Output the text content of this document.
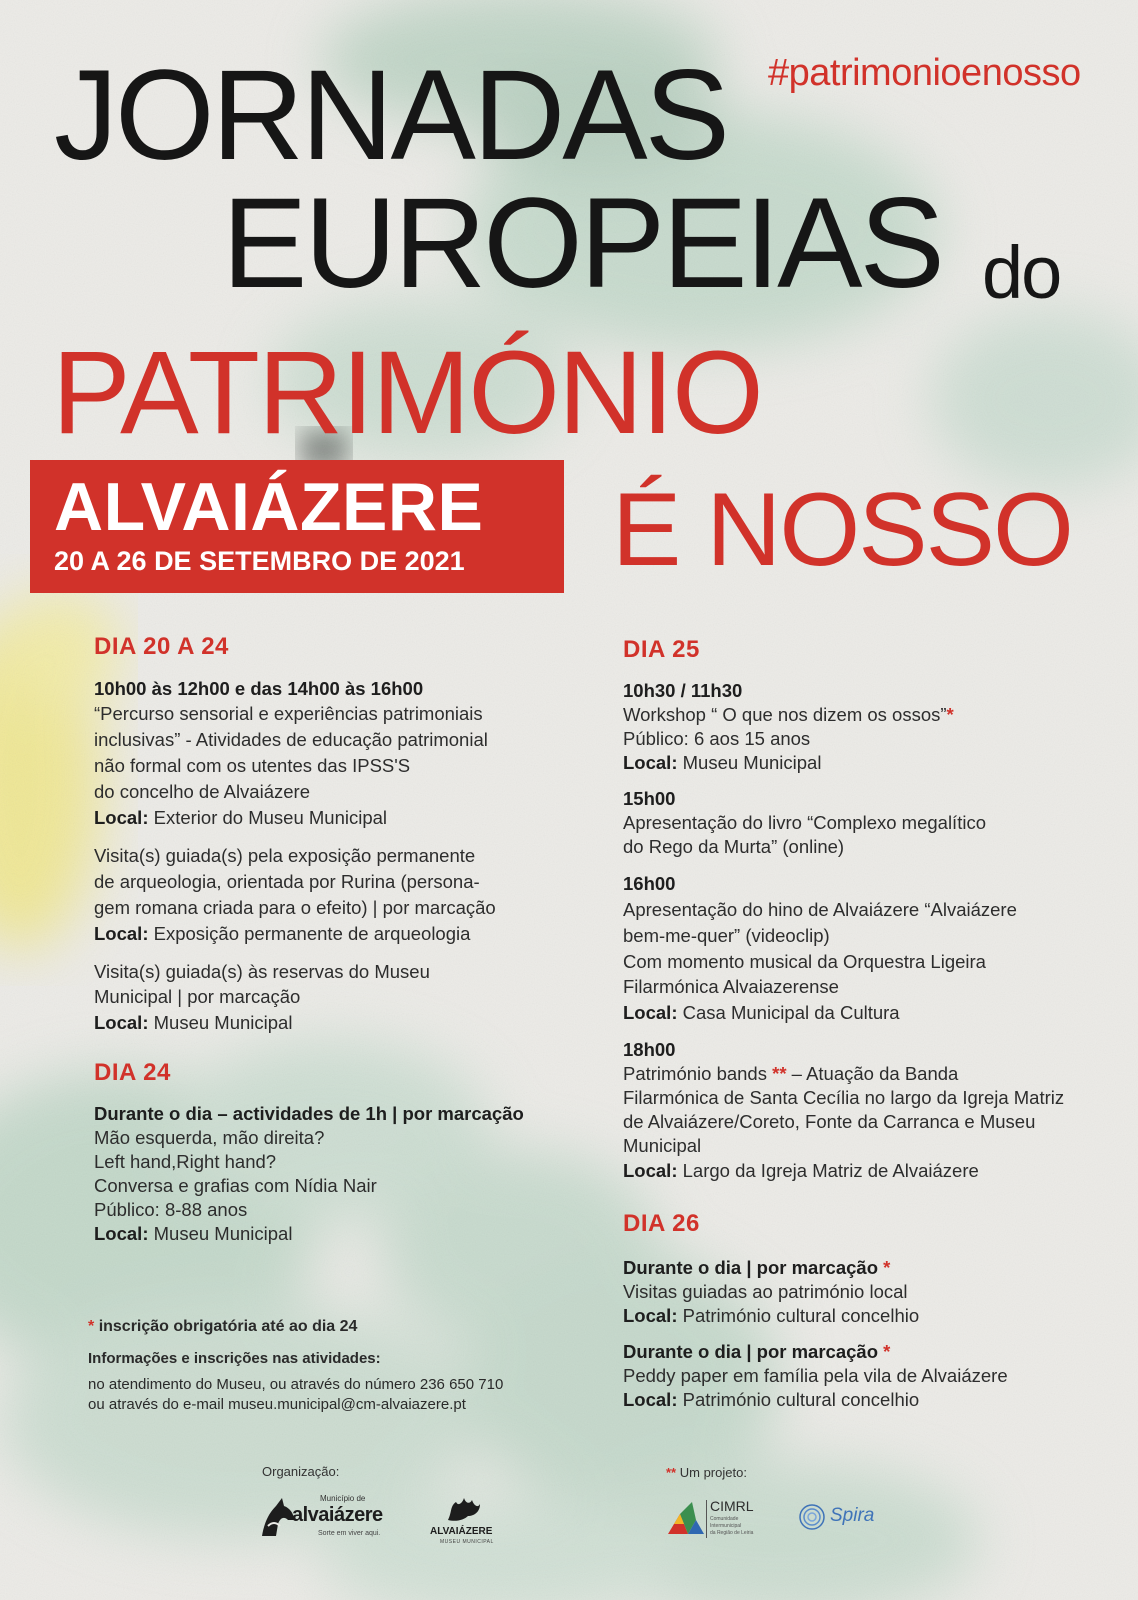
#patrimonioenosso
JORNADAS
EUROPEIAS do
PATRIMÓNIO
É NOSSO
ALVAIÁZERE
20 A 26 DE SETEMBRO DE 2021
DIA 20 A 24

10h00 às 12h00 e das 14h00 às 16h00

“Percurso sensorial e experiências patrimoniais

inclusivas” - Atividades de educação patrimonial

não formal com os utentes das IPSS'S

do concelho de Alvaiázere

Local: Exterior do Museu Municipal

Visita(s) guiada(s) pela exposição permanente

de arqueologia, orientada por Rurina (persona-

gem romana criada para o efeito) | por marcação

Local: Exposição permanente de arqueologia

Visita(s) guiada(s) às reservas do Museu

Municipal | por marcação

Local: Museu Municipal

DIA 24

Durante o dia – actividades de 1h | por marcação

Mão esquerda, mão direita?

Left hand,Right hand?

Conversa e grafias com Nídia Nair

Público: 8-88 anos

Local: Museu Municipal

* inscrição obrigatória até ao dia 24
Informações e inscrições nas atividades:
no atendimento do Museu, ou através do número 236 650 710
ou através do e-mail museu.municipal@cm-alvaiazere.pt
DIA 25

10h30 / 11h30

Workshop “ O que nos dizem os ossos”*

Público: 6 aos 15 anos

Local: Museu Municipal

15h00

Apresentação do livro “Complexo megalítico

do Rego da Murta” (online)

16h00

Apresentação do hino de Alvaiázere “Alvaiázere

bem-me-quer” (videoclip)

Com momento musical da Orquestra Ligeira

Filarmónica Alvaiazerense

Local: Casa Municipal da Cultura

18h00

Património bands ** – Atuação da Banda

Filarmónica de Santa Cecília no largo da Igreja Matriz

de Alvaiázere/Coreto, Fonte da Carranca e Museu

Municipal

Local: Largo da Igreja Matriz de Alvaiázere

DIA 26

Durante o dia | por marcação *

Visitas guiadas ao património local

Local: Património cultural concelhio

Durante o dia | por marcação *

Peddy paper em família pela vila de Alvaiázere

Local: Património cultural concelhio

Organização:	** Um projeto:
Município de
alvaiázere
Sorte em viver aqui.	ALVAIÁZERE
MUSEU MUNICIPAL
CIMRL
Comunidade
Intermunicipal
da Região de Leiria
Spira
